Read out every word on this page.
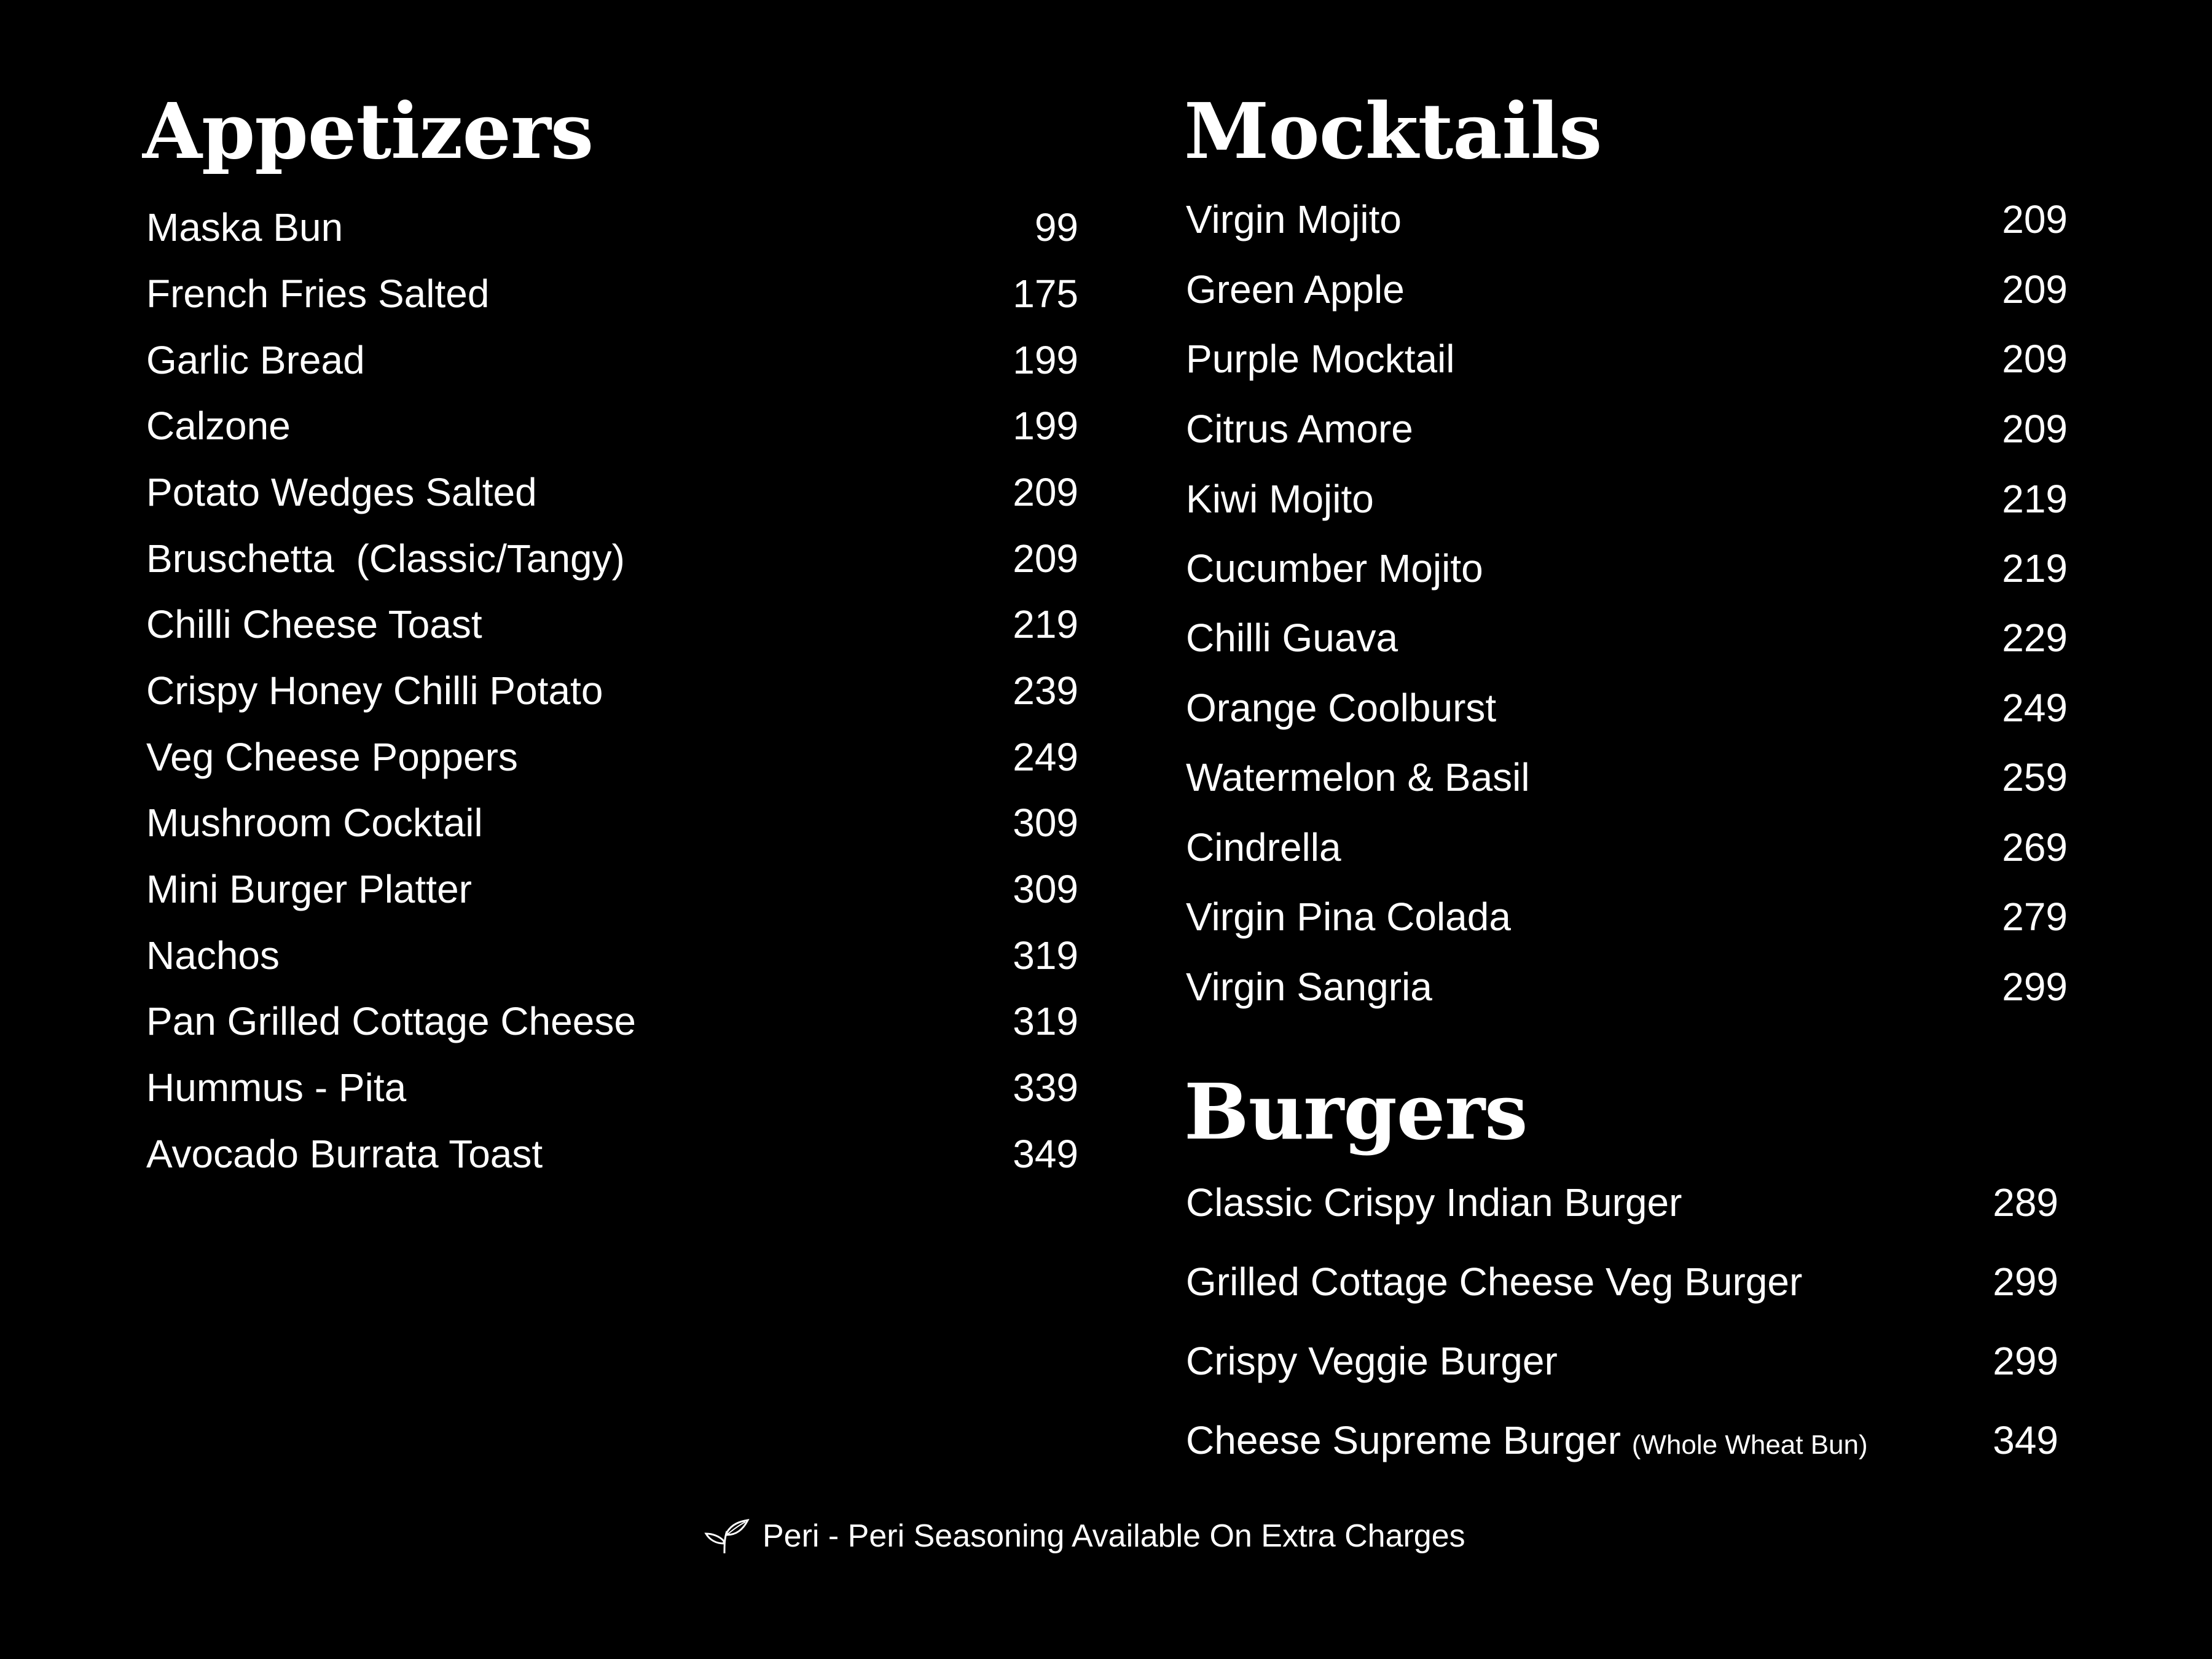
Appetizers
Maska Bun	99
French Fries Salted	175
Garlic Bread	199
Calzone	199
Potato Wedges Salted	209
Bruschetta  (Classic/Tangy)	209
Chilli Cheese Toast	219
Crispy Honey Chilli Potato	239
Veg Cheese Poppers	249
Mushroom Cocktail	309
Mini Burger Platter	309
Nachos	319
Pan Grilled Cottage Cheese	319
Hummus - Pita	339
Avocado Burrata Toast	349
Mocktails
Virgin Mojito	209
Green Apple	209
Purple Mocktail	209
Citrus Amore	209
Kiwi Mojito	219
Cucumber Mojito	219
Chilli Guava	229
Orange Coolburst	249
Watermelon & Basil	259
Cindrella	269
Virgin Pina Colada	279
Virgin Sangria	299
Burgers
Classic Crispy Indian Burger	289
Grilled Cottage Cheese Veg Burger	299
Crispy Veggie Burger	299
Cheese Supreme Burger (Whole Wheat Bun)	349
Peri - Peri Seasoning Available On Extra Charges
